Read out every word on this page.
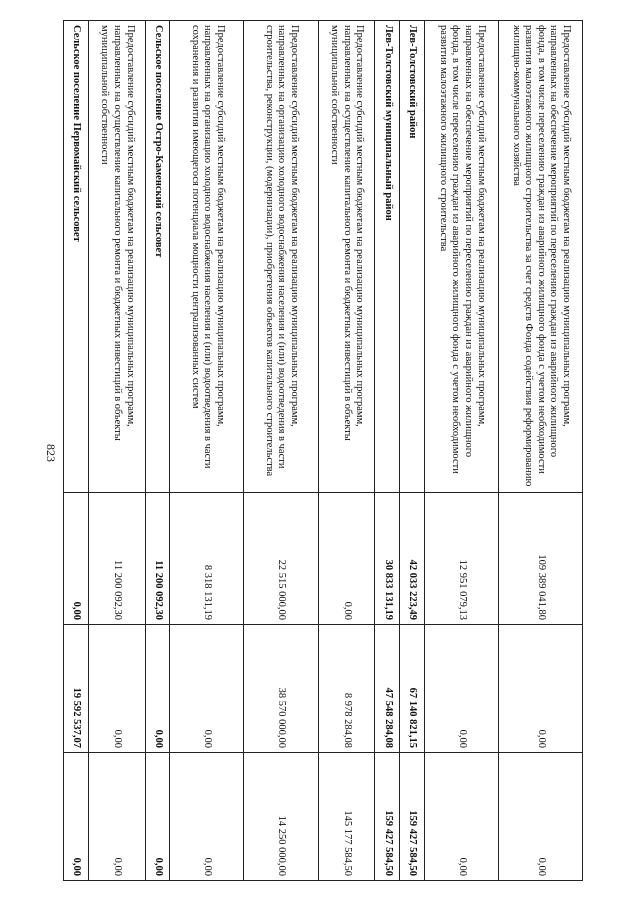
823
Предоставление субсидий местным бюджетам на реализацию муниципальных программ, направленных на обеспечение мероприятий по переселению граждан из аварийного жилищного фонда, в том числе переселению граждан из аварийного жилищного фонда с учетом необходимости развития малоэтажного жилищного строительства за счет средств Фонда содействия реформированию жилищно-коммунального хозяйства	109 389 041,80	0,00	0,00
Предоставление субсидий местным бюджетам на реализацию муниципальных программ, направленных на обеспечение мероприятий по переселению граждан из аварийного жилищного фонда, в том числе переселению граждан из аварийного жилищного фонда с учетом необходимости развития малоэтажного жилищного строительства	12 951 079,13	0,00	0,00
Лев-Толстовский район	42 033 223,49	67 140 821,15	159 427 584,50
Лев-Толстовский муниципальный район	30 833 131,19	47 548 284,08	159 427 584,50
Предоставление субсидий местным бюджетам на реализацию муниципальных программ, направленных на осуществление капитального ремонта и бюджетных инвестиций в объекты муниципальной собственности	0,00	8 978 284,08	145 177 584,50
Предоставление субсидий местным бюджетам на реализацию муниципальных программ, направленных на организацию холодного водоснабжения населения и (или) водоотведения в части строительства, реконструкции, (модернизации), приобретения объектов капитального строительства	22 515 000,00	38 570 000,00	14 250 000,00
Предоставление субсидий местным бюджетам на реализацию муниципальных программ, направленных на организацию холодного водоснабжения населения и (или) водоотведения в части сохранения и развития имеющегося потенциала мощности централизованных систем	8 318 131,19	0,00	0,00
Сельское поселение Остро-Каменский сельсовет	11 200 092,30	0,00	0,00
Предоставление субсидий местным бюджетам на реализацию муниципальных программ, направленных на осуществление капитального ремонта и бюджетных инвестиций в объекты муниципальной собственности	11 200 092,30	0,00	0,00
Сельское поселение Первомайский сельсовет	0,00	19 592 537,07	0,00
